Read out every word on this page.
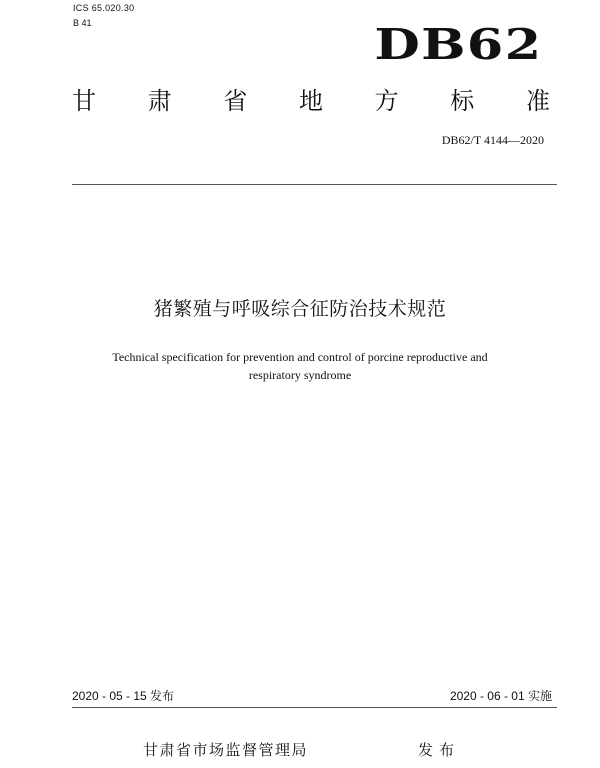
ICS 65.020.30
B 41	DB62
甘 肃 省 地 方 标 准
DB62/T 4144—2020
猪繁殖与呼吸综合征防治技术规范
Technical specification for prevention and control of porcine reproductive and
respiratory syndrome
2020 - 05 - 15 发布	2020 - 06 - 01 实施
甘肃省市场监督管理局	发布
